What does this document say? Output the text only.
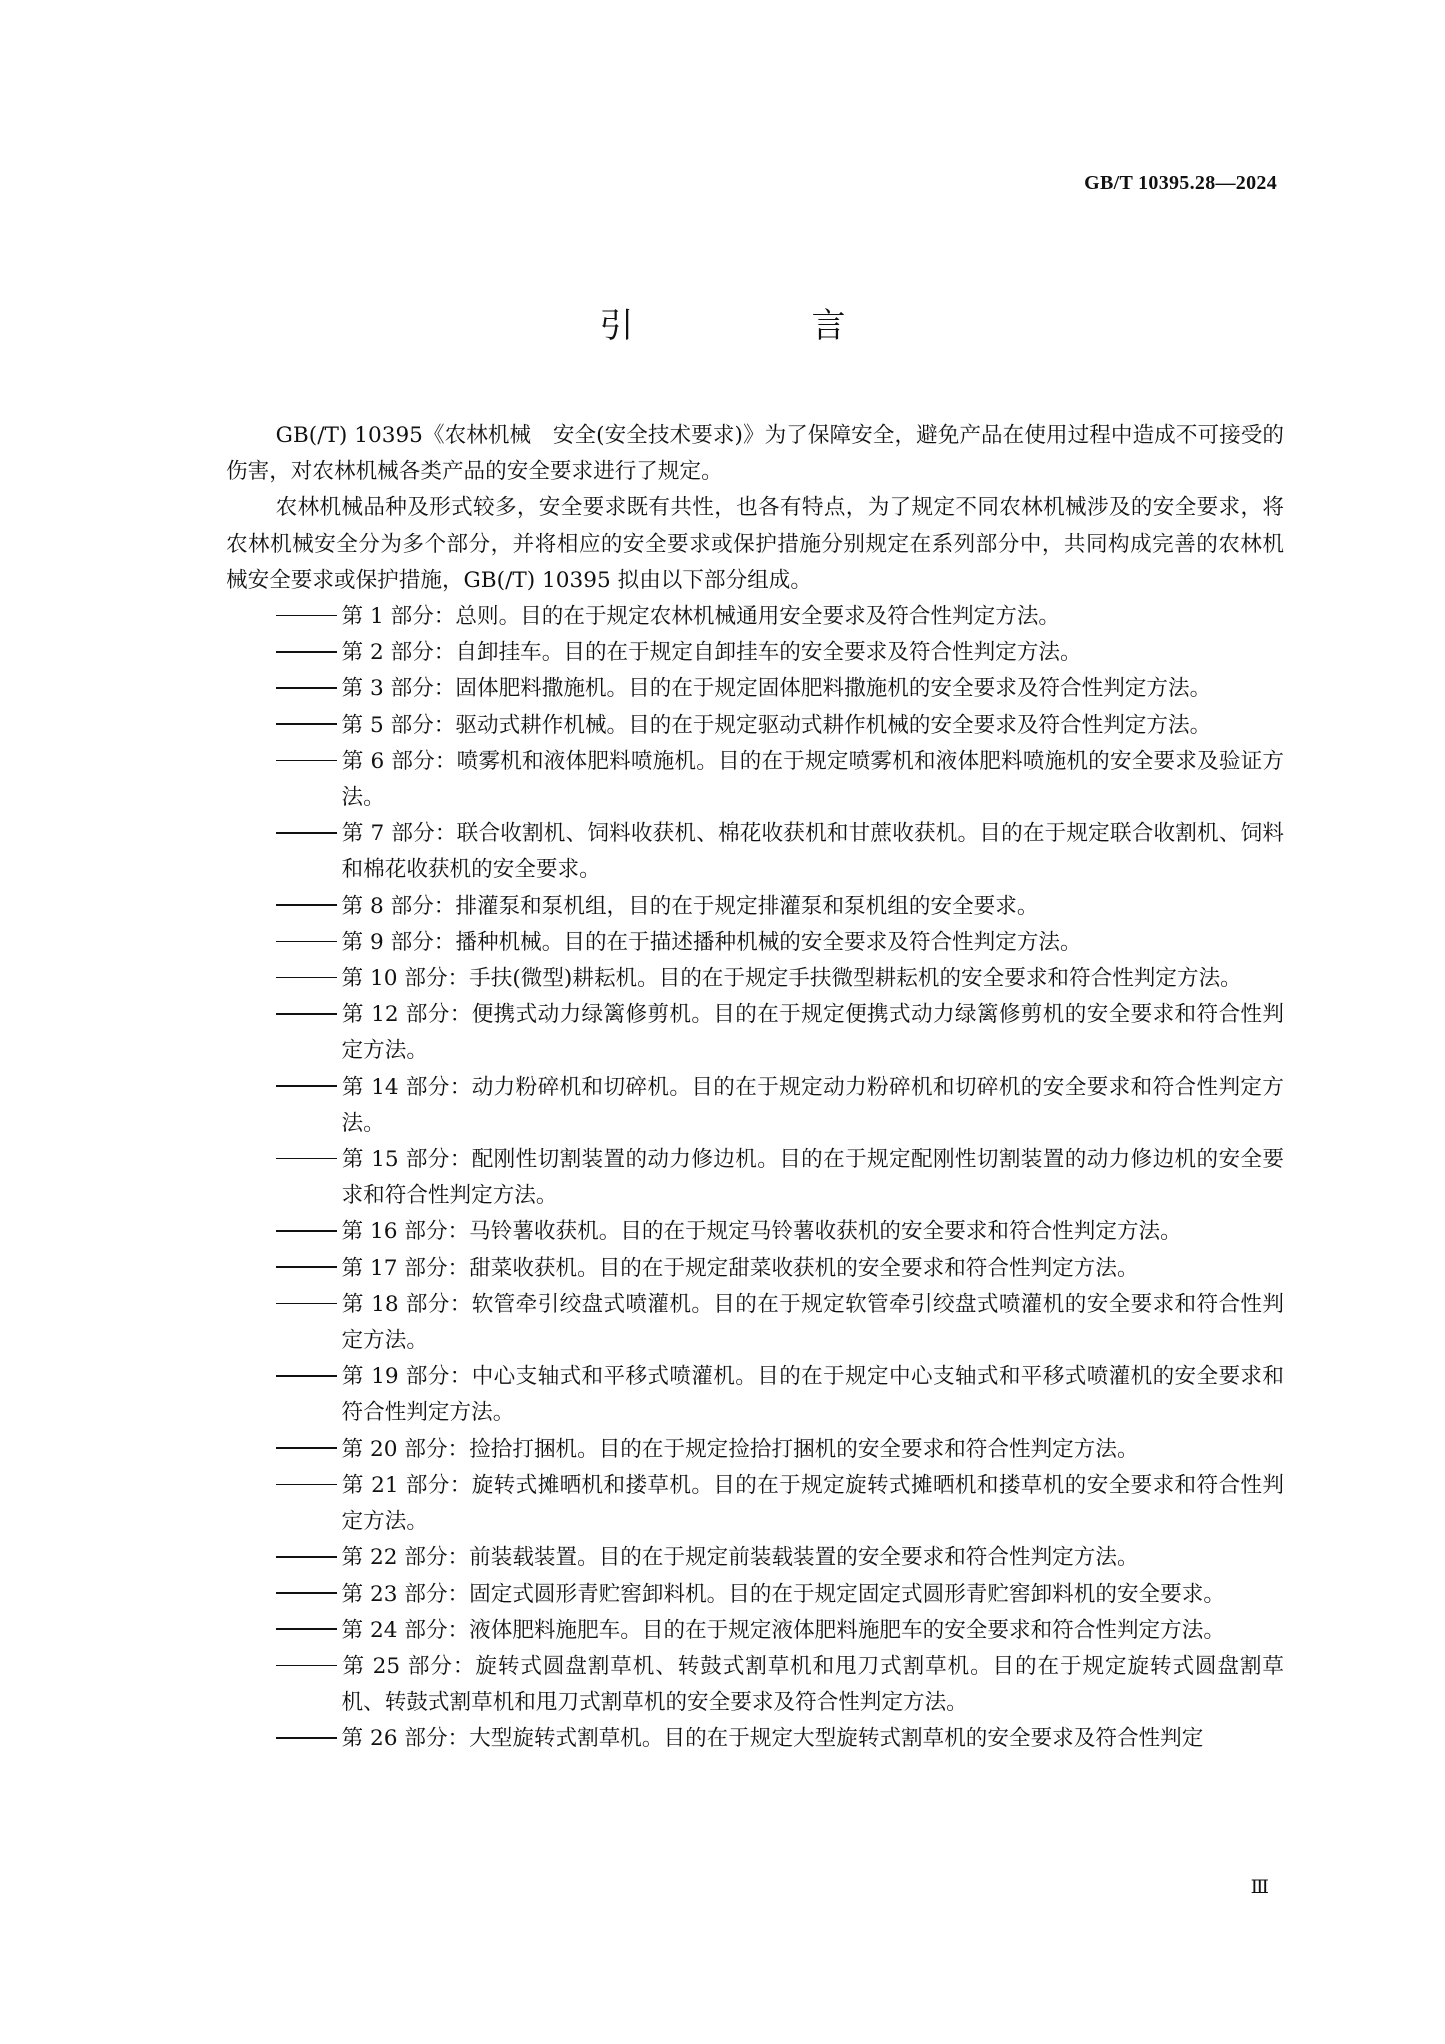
GB/T 10395.28—2024
引　言

GB(/T) 10395《农林机械　安全(安全技术要求)》为了保障安全，避免产品在使用过程中造成不可接受的伤害，对农林机械各类产品的安全要求进行了规定。

农林机械品种及形式较多，安全要求既有共性，也各有特点，为了规定不同农林机械涉及的安全要求，将农林机械安全分为多个部分，并将相应的安全要求或保护措施分别规定在系列部分中，共同构成完善的农林机械安全要求或保护措施，GB(/T) 10395 拟由以下部分组成。

第 1 部分：总则。目的在于规定农林机械通用安全要求及符合性判定方法。
第 2 部分：自卸挂车。目的在于规定自卸挂车的安全要求及符合性判定方法。
第 3 部分：固体肥料撒施机。目的在于规定固体肥料撒施机的安全要求及符合性判定方法。
第 5 部分：驱动式耕作机械。目的在于规定驱动式耕作机械的安全要求及符合性判定方法。
第 6 部分：喷雾机和液体肥料喷施机。目的在于规定喷雾机和液体肥料喷施机的安全要求及验证方法。
第 7 部分：联合收割机、饲料收获机、棉花收获机和甘蔗收获机。目的在于规定联合收割机、饲料和棉花收获机的安全要求。
第 8 部分：排灌泵和泵机组，目的在于规定排灌泵和泵机组的安全要求。
第 9 部分：播种机械。目的在于描述播种机械的安全要求及符合性判定方法。
第 10 部分：手扶(微型)耕耘机。目的在于规定手扶微型耕耘机的安全要求和符合性判定方法。
第 12 部分：便携式动力绿篱修剪机。目的在于规定便携式动力绿篱修剪机的安全要求和符合性判定方法。
第 14 部分：动力粉碎机和切碎机。目的在于规定动力粉碎机和切碎机的安全要求和符合性判定方法。
第 15 部分：配刚性切割装置的动力修边机。目的在于规定配刚性切割装置的动力修边机的安全要求和符合性判定方法。
第 16 部分：马铃薯收获机。目的在于规定马铃薯收获机的安全要求和符合性判定方法。
第 17 部分：甜菜收获机。目的在于规定甜菜收获机的安全要求和符合性判定方法。
第 18 部分：软管牵引绞盘式喷灌机。目的在于规定软管牵引绞盘式喷灌机的安全要求和符合性判定方法。
第 19 部分：中心支轴式和平移式喷灌机。目的在于规定中心支轴式和平移式喷灌机的安全要求和符合性判定方法。
第 20 部分：捡拾打捆机。目的在于规定捡拾打捆机的安全要求和符合性判定方法。
第 21 部分：旋转式摊晒机和搂草机。目的在于规定旋转式摊晒机和搂草机的安全要求和符合性判定方法。
第 22 部分：前装载装置。目的在于规定前装载装置的安全要求和符合性判定方法。
第 23 部分：固定式圆形青贮窖卸料机。目的在于规定固定式圆形青贮窖卸料机的安全要求。
第 24 部分：液体肥料施肥车。目的在于规定液体肥料施肥车的安全要求和符合性判定方法。
第 25 部分：旋转式圆盘割草机、转鼓式割草机和甩刀式割草机。目的在于规定旋转式圆盘割草机、转鼓式割草机和甩刀式割草机的安全要求及符合性判定方法。
第 26 部分：大型旋转式割草机。目的在于规定大型旋转式割草机的安全要求及符合性判定
Ⅲ
